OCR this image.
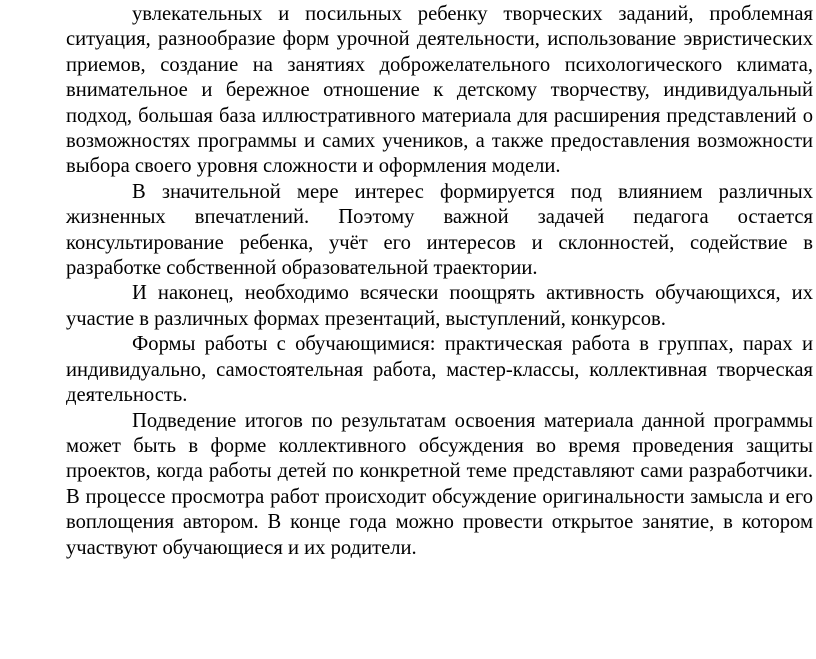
увлекательных и посильных ребенку творческих заданий, проблемная ситуация, разнообразие форм урочной деятельности, использование эвристических приемов, создание на занятиях доброжелательного психологического климата, внимательное и бережное отношение к детскому творчеству, индивидуальный подход, большая база иллюстративного материала для расширения представлений о возможностях программы и самих учеников, а также предоставления возможности выбора своего уровня сложности и оформления модели.

В значительной мере интерес формируется под влиянием различных жизненных впечатлений. Поэтому важной задачей педагога остается консультирование ребенка, учёт его интересов и склонностей, содействие в разработке собственной образовательной траектории.

И наконец, необходимо всячески поощрять активность обучающихся, их участие в различных формах презентаций, выступлений, конкурсов.

Формы работы с обучающимися: практическая работа в группах, парах и индивидуально, самостоятельная работа, мастер-классы, коллективная творческая деятельность.

Подведение итогов по результатам освоения материала данной программы может быть в форме коллективного обсуждения во время проведения защиты проектов, когда работы детей по конкретной теме представляют сами разработчики. В процессе просмотра работ происходит обсуждение оригинальности замысла и его воплощения автором. В конце года можно провести открытое занятие, в котором участвуют обучающиеся и их родители.
